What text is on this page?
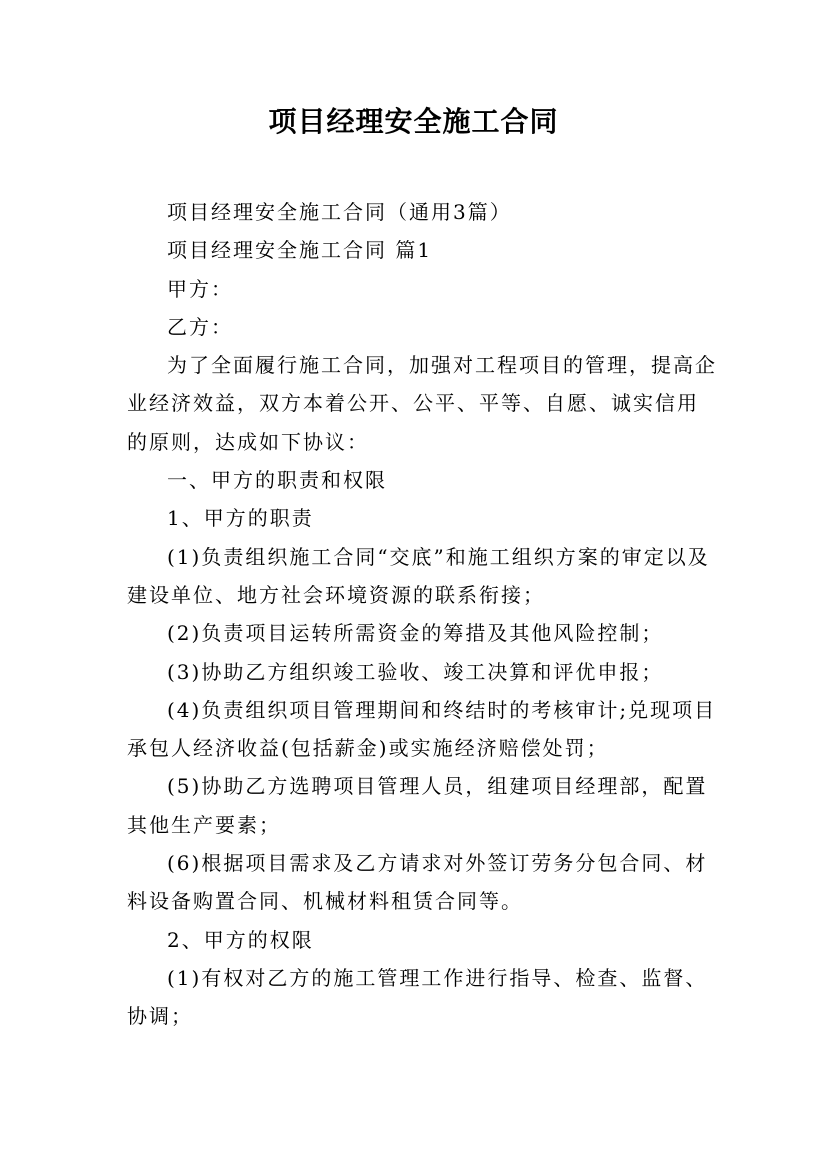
项目经理安全施工合同

项目经理安全施工合同（通用3篇）

项目经理安全施工合同 篇1

甲方：

乙方：

为了全面履行施工合同，加强对工程项目的管理，提高企业经济效益，双方本着公开、公平、平等、自愿、诚实信用的原则，达成如下协议：

一、甲方的职责和权限

1、甲方的职责

(1)负责组织施工合同“交底”和施工组织方案的审定以及建设单位、地方社会环境资源的联系衔接；

(2)负责项目运转所需资金的筹措及其他风险控制；

(3)协助乙方组织竣工验收、竣工决算和评优申报；

(4)负责组织项目管理期间和终结时的考核审计;兑现项目承包人经济收益(包括薪金)或实施经济赔偿处罚；

(5)协助乙方选聘项目管理人员，组建项目经理部，配置其他生产要素；

(6)根据项目需求及乙方请求对外签订劳务分包合同、材料设备购置合同、机械材料租赁合同等。

2、甲方的权限

(1)有权对乙方的施工管理工作进行指导、检查、监督、协调；
